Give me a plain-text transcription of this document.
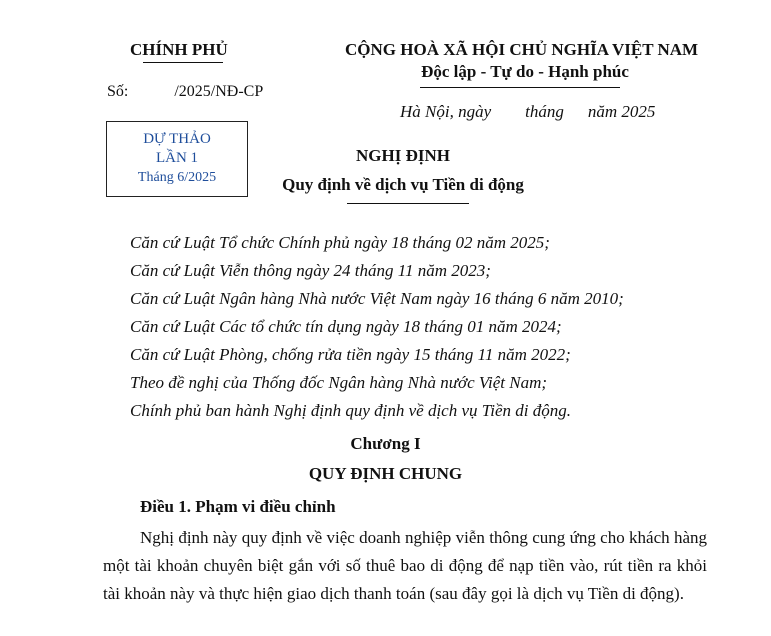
CHÍNH PHỦ	CỘNG HOÀ XÃ HỘI CHỦ NGHĨA VIỆT NAM
Độc lập - Tự do - Hạnh phúc
Số:	/2025/NĐ-CP
Hà Nội, ngày tháng năm 2025
DỰ THẢO
LẦN 1
Tháng 6/2025
NGHỊ ĐỊNH
Quy định về dịch vụ Tiền di động
Căn cứ Luật Tổ chức Chính phủ ngày 18 tháng 02 năm 2025;
Căn cứ Luật Viễn thông ngày 24 tháng 11 năm 2023;
Căn cứ Luật Ngân hàng Nhà nước Việt Nam ngày 16 tháng 6 năm 2010;
Căn cứ Luật Các tổ chức tín dụng ngày 18 tháng 01 năm 2024;
Căn cứ Luật Phòng, chống rửa tiền ngày 15 tháng 11 năm 2022;
Theo đề nghị của Thống đốc Ngân hàng Nhà nước Việt Nam;
Chính phủ ban hành Nghị định quy định về dịch vụ Tiền di động.
Chương I
QUY ĐỊNH CHUNG
Điều 1. Phạm vi điều chỉnh
Nghị định này quy định về việc doanh nghiệp viễn thông cung ứng cho khách hàng một tài khoản chuyên biệt gắn với số thuê bao di động để nạp tiền vào, rút tiền ra khỏi tài khoản này và thực hiện giao dịch thanh toán (sau đây gọi là dịch vụ Tiền di động).
